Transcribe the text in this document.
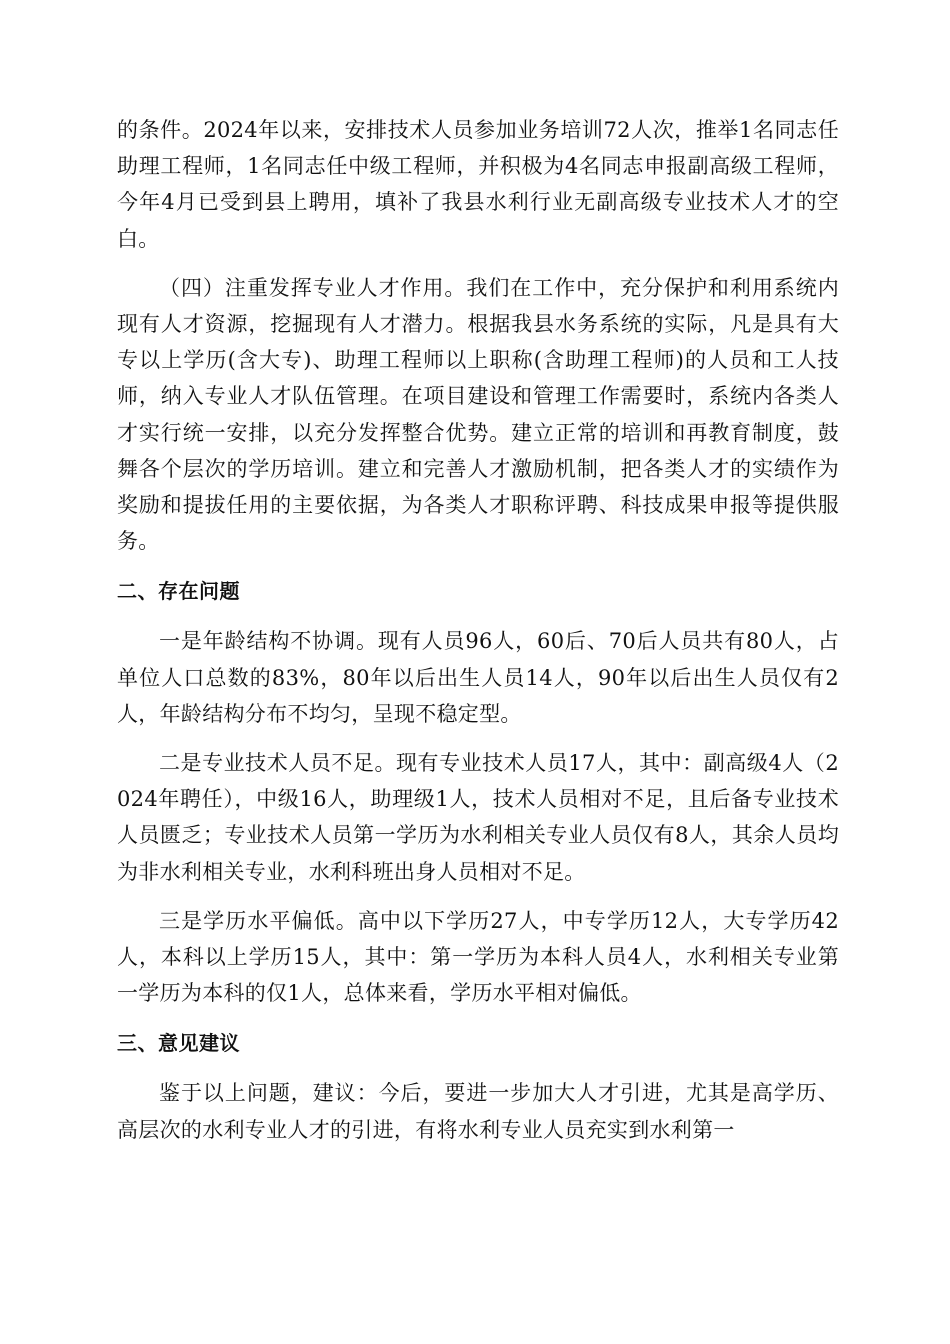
的条件。2024年以来，安排技术人员参加业务培训72人次，推举1名同志任助理工程师，1名同志任中级工程师，并积极为4名同志申报副高级工程师，今年4月已受到县上聘用，填补了我县水利行业无副高级专业技术人才的空白。

（四）注重发挥专业人才作用。我们在工作中，充分保护和利用系统内现有人才资源，挖掘现有人才潜力。根据我县水务系统的实际，凡是具有大专以上学历(含大专)、助理工程师以上职称(含助理工程师)的人员和工人技师，纳入专业人才队伍管理。在项目建设和管理工作需要时，系统内各类人才实行统一安排，以充分发挥整合优势。建立正常的培训和再教育制度，鼓舞各个层次的学历培训。建立和完善人才激励机制，把各类人才的实绩作为奖励和提拔任用的主要依据，为各类人才职称评聘、科技成果申报等提供服务。

二、存在问题

一是年龄结构不协调。现有人员96人，60后、70后人员共有80人，占单位人口总数的83%，80年以后出生人员14人，90年以后出生人员仅有2人，年龄结构分布不均匀，呈现不稳定型。

二是专业技术人员不足。现有专业技术人员17人，其中：副高级4人（2024年聘任），中级16人，助理级1人，技术人员相对不足，且后备专业技术人员匮乏；专业技术人员第一学历为水利相关专业人员仅有8人，其余人员均为非水利相关专业，水利科班出身人员相对不足。

三是学历水平偏低。高中以下学历27人，中专学历12人，大专学历42人，本科以上学历15人，其中：第一学历为本科人员4人，水利相关专业第一学历为本科的仅1人，总体来看，学历水平相对偏低。

三、意见建议

鉴于以上问题，建议：今后，要进一步加大人才引进，尤其是高学历、高层次的水利专业人才的引进，有将水利专业人员充实到水利第一
